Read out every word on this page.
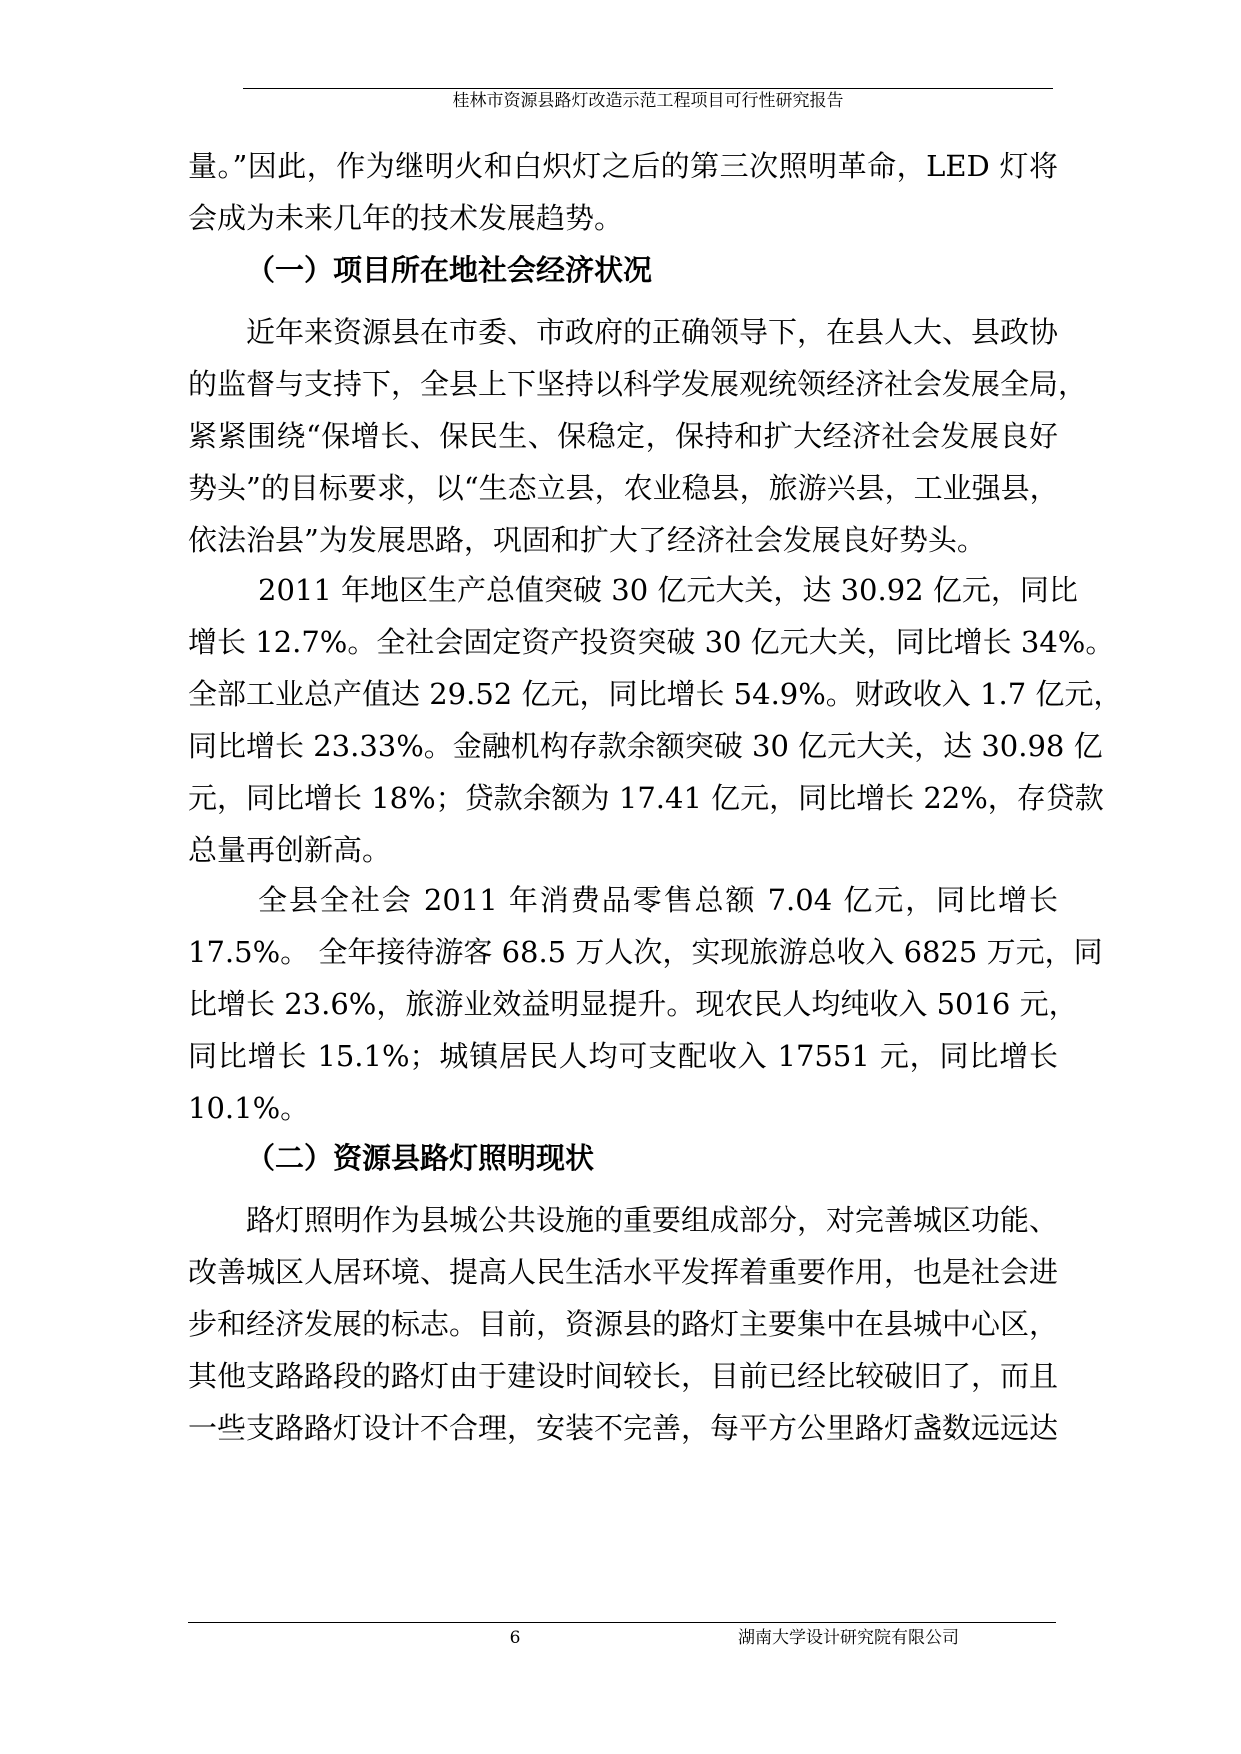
桂林市资源县路灯改造示范工程项目可行性研究报告
量。”因此，作为继明火和白炽灯之后的第三次照明革命，LED 灯将
会成为未来几年的技术发展趋势。
（一）项目所在地社会经济状况
近年来资源县在市委、市政府的正确领导下，在县人大、县政协
的监督与支持下，全县上下坚持以科学发展观统领经济社会发展全局，
紧紧围绕“保增长、保民生、保稳定，保持和扩大经济社会发展良好
势头”的目标要求，以“生态立县，农业稳县，旅游兴县，工业强县，
依法治县”为发展思路，巩固和扩大了经济社会发展良好势头。
2011 年地区生产总值突破 30 亿元大关，达 30.92 亿元，同比
增长 12.7%。全社会固定资产投资突破 30 亿元大关，同比增长 34%。
全部工业总产值达 29.52 亿元，同比增长 54.9%。财政收入 1.7 亿元，
同比增长 23.33%。金融机构存款余额突破 30 亿元大关，达 30.98 亿
元，同比增长 18%；贷款余额为 17.41 亿元，同比增长 22%，存贷款
总量再创新高。
全县全社会 2011 年消费品零售总额 7.04 亿元，同比增长
17.5%。 全年接待游客 68.5 万人次，实现旅游总收入 6825 万元，同
比增长 23.6%，旅游业效益明显提升。现农民人均纯收入 5016 元，
同比增长 15.1%；城镇居民人均可支配收入 17551 元，同比增长
10.1%。
（二）资源县路灯照明现状
路灯照明作为县城公共设施的重要组成部分，对完善城区功能、
改善城区人居环境、提高人民生活水平发挥着重要作用，也是社会进
步和经济发展的标志。目前，资源县的路灯主要集中在县城中心区，
其他支路路段的路灯由于建设时间较长，目前已经比较破旧了，而且
一些支路路灯设计不合理，安装不完善，每平方公里路灯盏数远远达
6	湖南大学设计研究院有限公司
